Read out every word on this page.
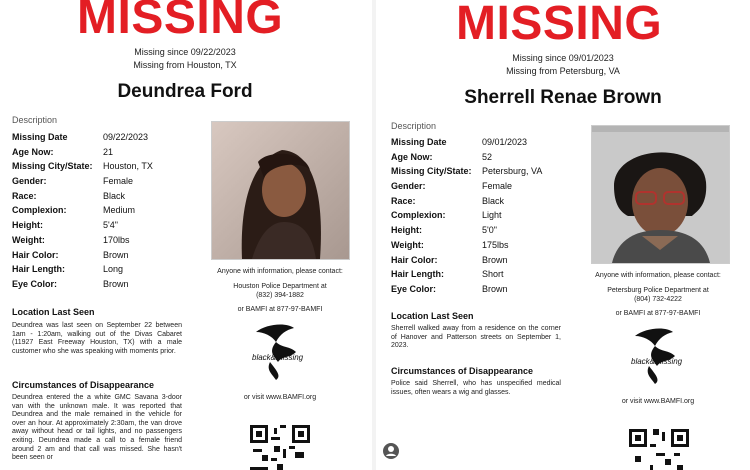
MISSING
Missing since 09/22/2023
Missing from Houston, TX
Deundrea Ford
Description
Missing Date	09/22/2023
Age Now:	21
Missing City/State: Houston, TX
Gender:	Female
Race:	Black
Complexion:	Medium
Height:	5'4"
Weight:	170lbs
Hair Color:	Brown
Hair Length:	Long
Eye Color:	Brown
Anyone with information, please contact:
Houston Police Department at
(832) 394-1882
or BAMFI at 877-97-BAMFI
black&missing
or visit www.BAMFI.org
Location Last Seen

Deundrea was last seen on September 22 between 1am - 1:20am, walking out of the Divas Cabaret (11927 East Freeway Houston, TX) with a male customer who she was speaking with moments prior.

Circumstances of Disappearance

Deundrea entered the a white GMC Savana 3-door van with the unknown male. It was reported that Deundrea and the male remained in the vehicle for over an hour. At approximately 2:30am, the van drove away without head or tail lights, and no passengers exiting. Deundrea made a call to a female friend around 2 am and that call was missed. She hasn't been seen or

MISSING
Missing since 09/01/2023
Missing from Petersburg, VA
Sherrell Renae Brown
Description
Missing Date	09/01/2023
Age Now:	52
Missing City/State: Petersburg, VA
Gender:	Female
Race:	Black
Complexion:	Light
Height:	5'0"
Weight:	175lbs
Hair Color:	Brown
Hair Length:	Short
Eye Color:	Brown
Anyone with information, please contact:
Petersburg Police Department at
(804) 732-4222
or BAMFI at 877-97-BAMFI
black&missing
or visit www.BAMFI.org
Location Last Seen

Sherrell walked away from a residence on the corner of Hanover and Patterson streets on September 1, 2023.

Circumstances of Disappearance

Police said Sherrell, who has unspecified medical issues, often wears a wig and glasses.
